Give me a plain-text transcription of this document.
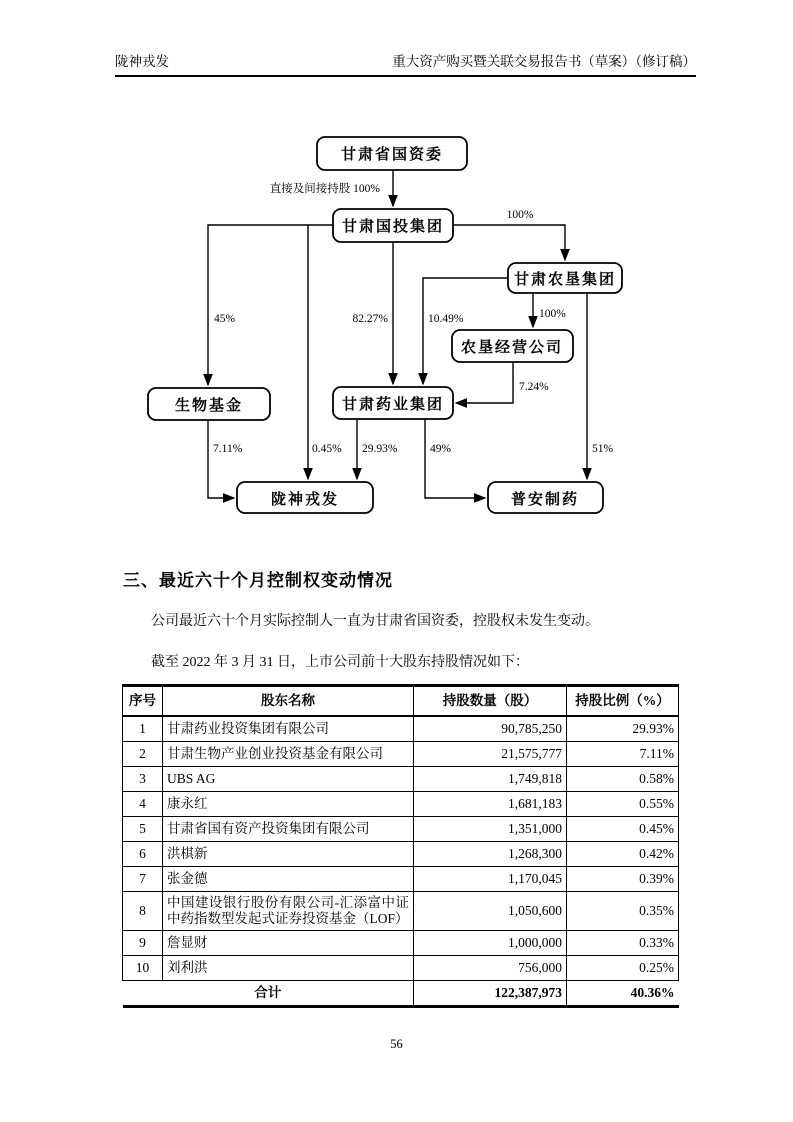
陇神戎发	重大资产购买暨关联交易报告书（草案）（修订稿）
直接及间接持股 100%
100%
45%
0.45%
82.27%	10.49%	100%
7.24%
7.11%	29.93%	49%	51%
甘肃省国资委
甘肃国投集团
甘肃农垦集团
农垦经营公司
生物基金	甘肃药业集团
陇神戎发	普安制药
三、最近六十个月控制权变动情况
公司最近六十个月实际控制人一直为甘肃省国资委，控股权未发生变动。
截至 2022 年 3 月 31 日，上市公司前十大股东持股情况如下：
序号	股东名称	持股数量（股）	持股比例（%）
1	甘肃药业投资集团有限公司	90,785,250	29.93%
2	甘肃生物产业创业投资基金有限公司	21,575,777	7.11%
3	UBS AG	1,749,818	0.58%
4	康永红	1,681,183	0.55%
5	甘肃省国有资产投资集团有限公司	1,351,000	0.45%
6	洪棋新	1,268,300	0.42%
7	张金德	1,170,045	0.39%
8	中国建设银行股份有限公司-汇添富中证中药指数型发起式证券投资基金（LOF）	1,050,600	0.35%
9	詹显财	1,000,000	0.33%
10	刘利洪	756,000	0.25%
合计		122,387,973	40.36%
56
